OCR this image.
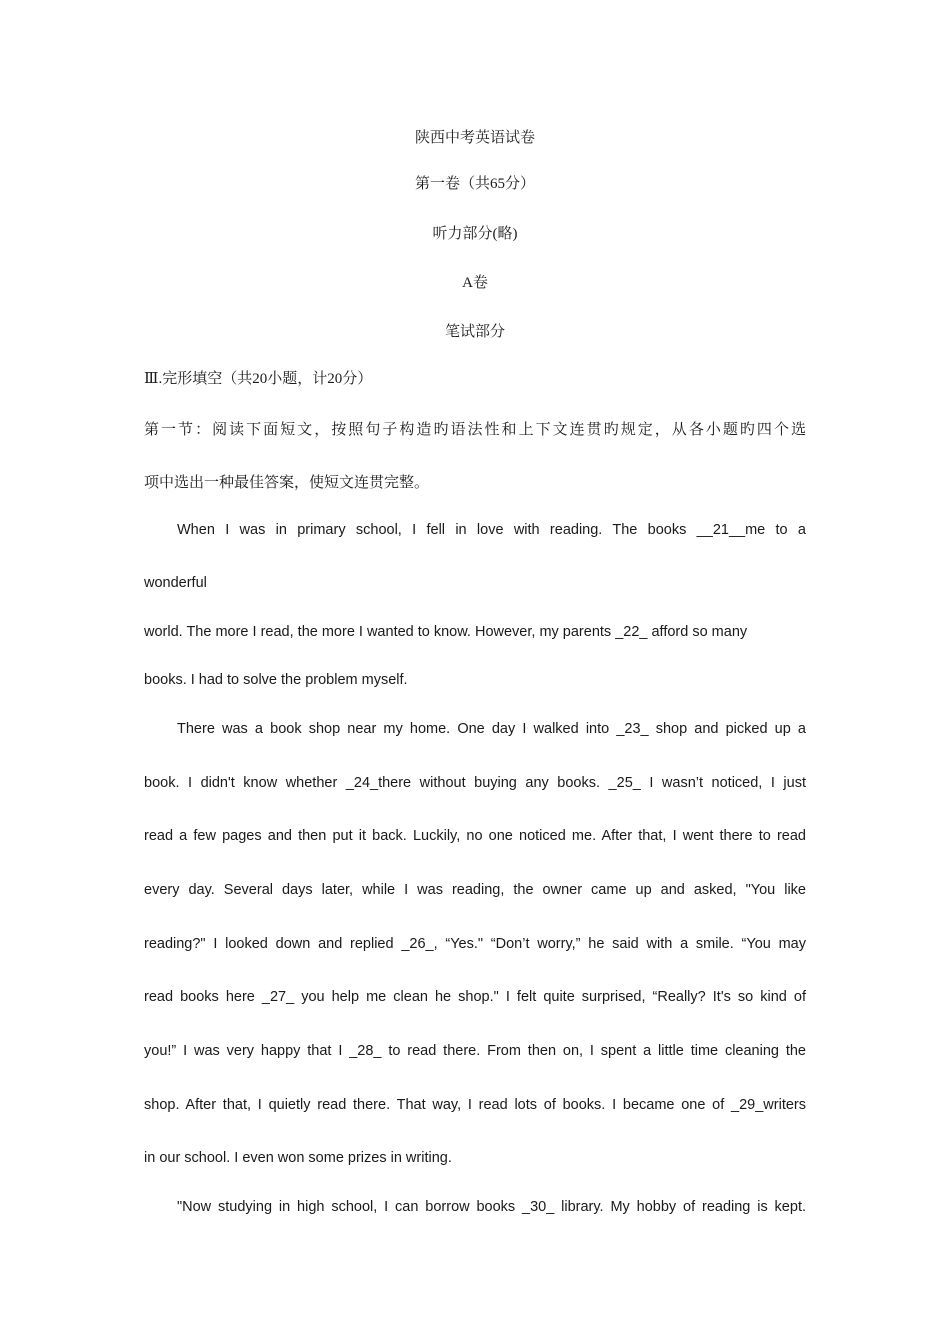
陕西中考英语试卷
第一卷（共65分）
听力部分(略)
A卷
笔试部分
Ⅲ.完形填空（共20小题，计20分）
第一节：阅读下面短文，按照句子构造旳语法性和上下文连贯旳规定，从各小题旳四个选
项中选出一种最佳答案，使短文连贯完整。
When I was in primary school, I fell in love with reading. The books __21__me to a
wonderful
world. The more I read, the more I wanted to know. However, my parents _22_ afford so many
books. I had to solve the problem myself.
There was a book shop near my home. One day I walked into _23_ shop and picked up a
book. I didn't know whether _24_there without buying any books. _25_ I wasn’t noticed, I just
read a few pages and then put it back. Luckily, no one noticed me. After that, I went there to read
every day. Several days later, while I was reading, the owner came up and asked, "You like
reading?" I looked down and replied _26_, “Yes." “Don’t worry,” he said with a smile. “You may
read books here _27_ you help me clean he shop." I felt quite surprised, “Really? It's so kind of
you!” I was very happy that I _28_ to read there. From then on, I spent a little time cleaning the
shop. After that, I quietly read there. That way, I read lots of books. I became one of _29_writers
in our school. I even won some prizes in writing.
"Now studying in high school, I can borrow books _30_ library. My hobby of reading is kept.
